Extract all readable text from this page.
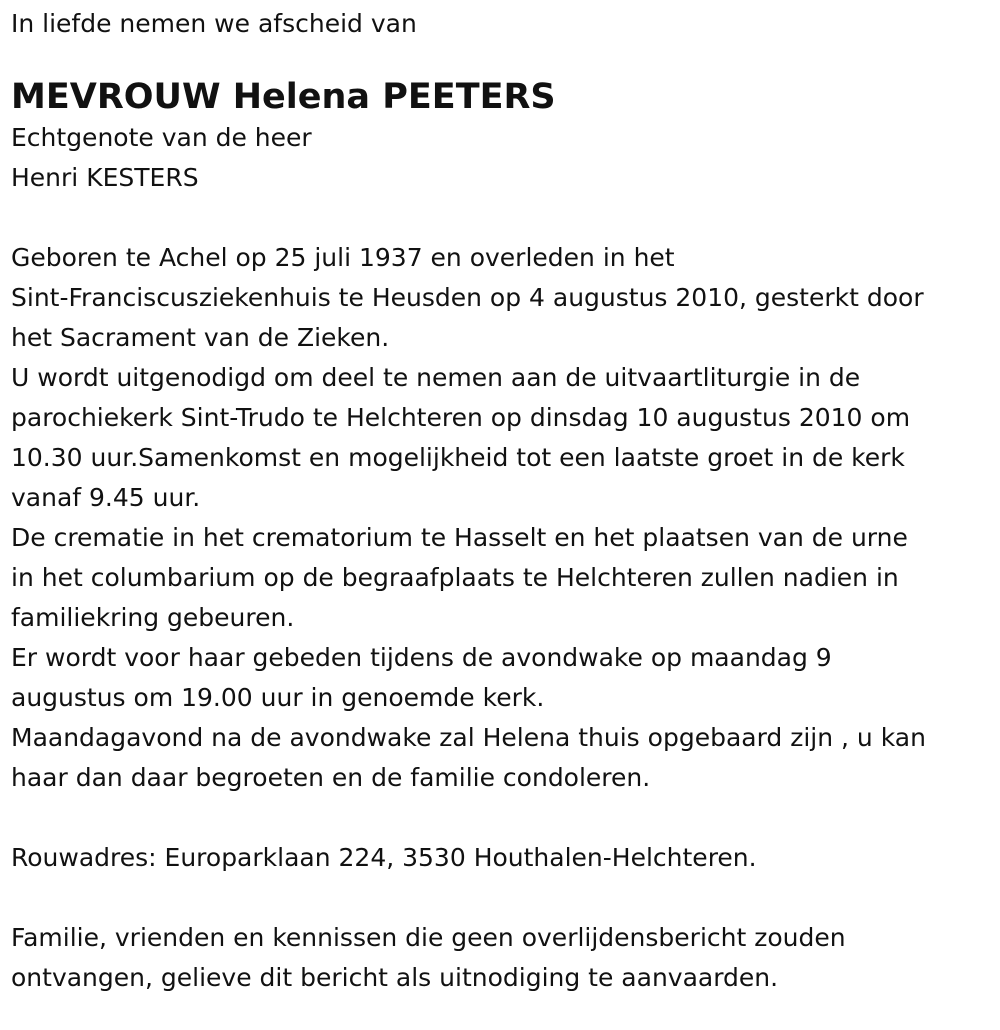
In liefde nemen we afscheid van
MEVROUW Helena PEETERS
Echtgenote van de heer
Henri KESTERS
Geboren te Achel op 25 juli 1937 en overleden in het
Sint-Franciscusziekenhuis te Heusden op 4 augustus 2010, gesterkt door
het Sacrament van de Zieken.
U wordt uitgenodigd om deel te nemen aan de uitvaartliturgie in de
parochiekerk Sint-Trudo te Helchteren op dinsdag 10 augustus 2010 om
10.30 uur.Samenkomst en mogelijkheid tot een laatste groet in de kerk
vanaf 9.45 uur.
De crematie in het crematorium te Hasselt en het plaatsen van de urne
in het columbarium op de begraafplaats te Helchteren zullen nadien in
familiekring gebeuren.
Er wordt voor haar gebeden tijdens de avondwake op maandag 9
augustus om 19.00 uur in genoemde kerk.
Maandagavond na de avondwake zal Helena thuis opgebaard zijn , u kan
haar dan daar begroeten en de familie condoleren.
Rouwadres: Europarklaan 224, 3530 Houthalen-Helchteren.
Familie, vrienden en kennissen die geen overlijdensbericht zouden
ontvangen, gelieve dit bericht als uitnodiging te aanvaarden.
